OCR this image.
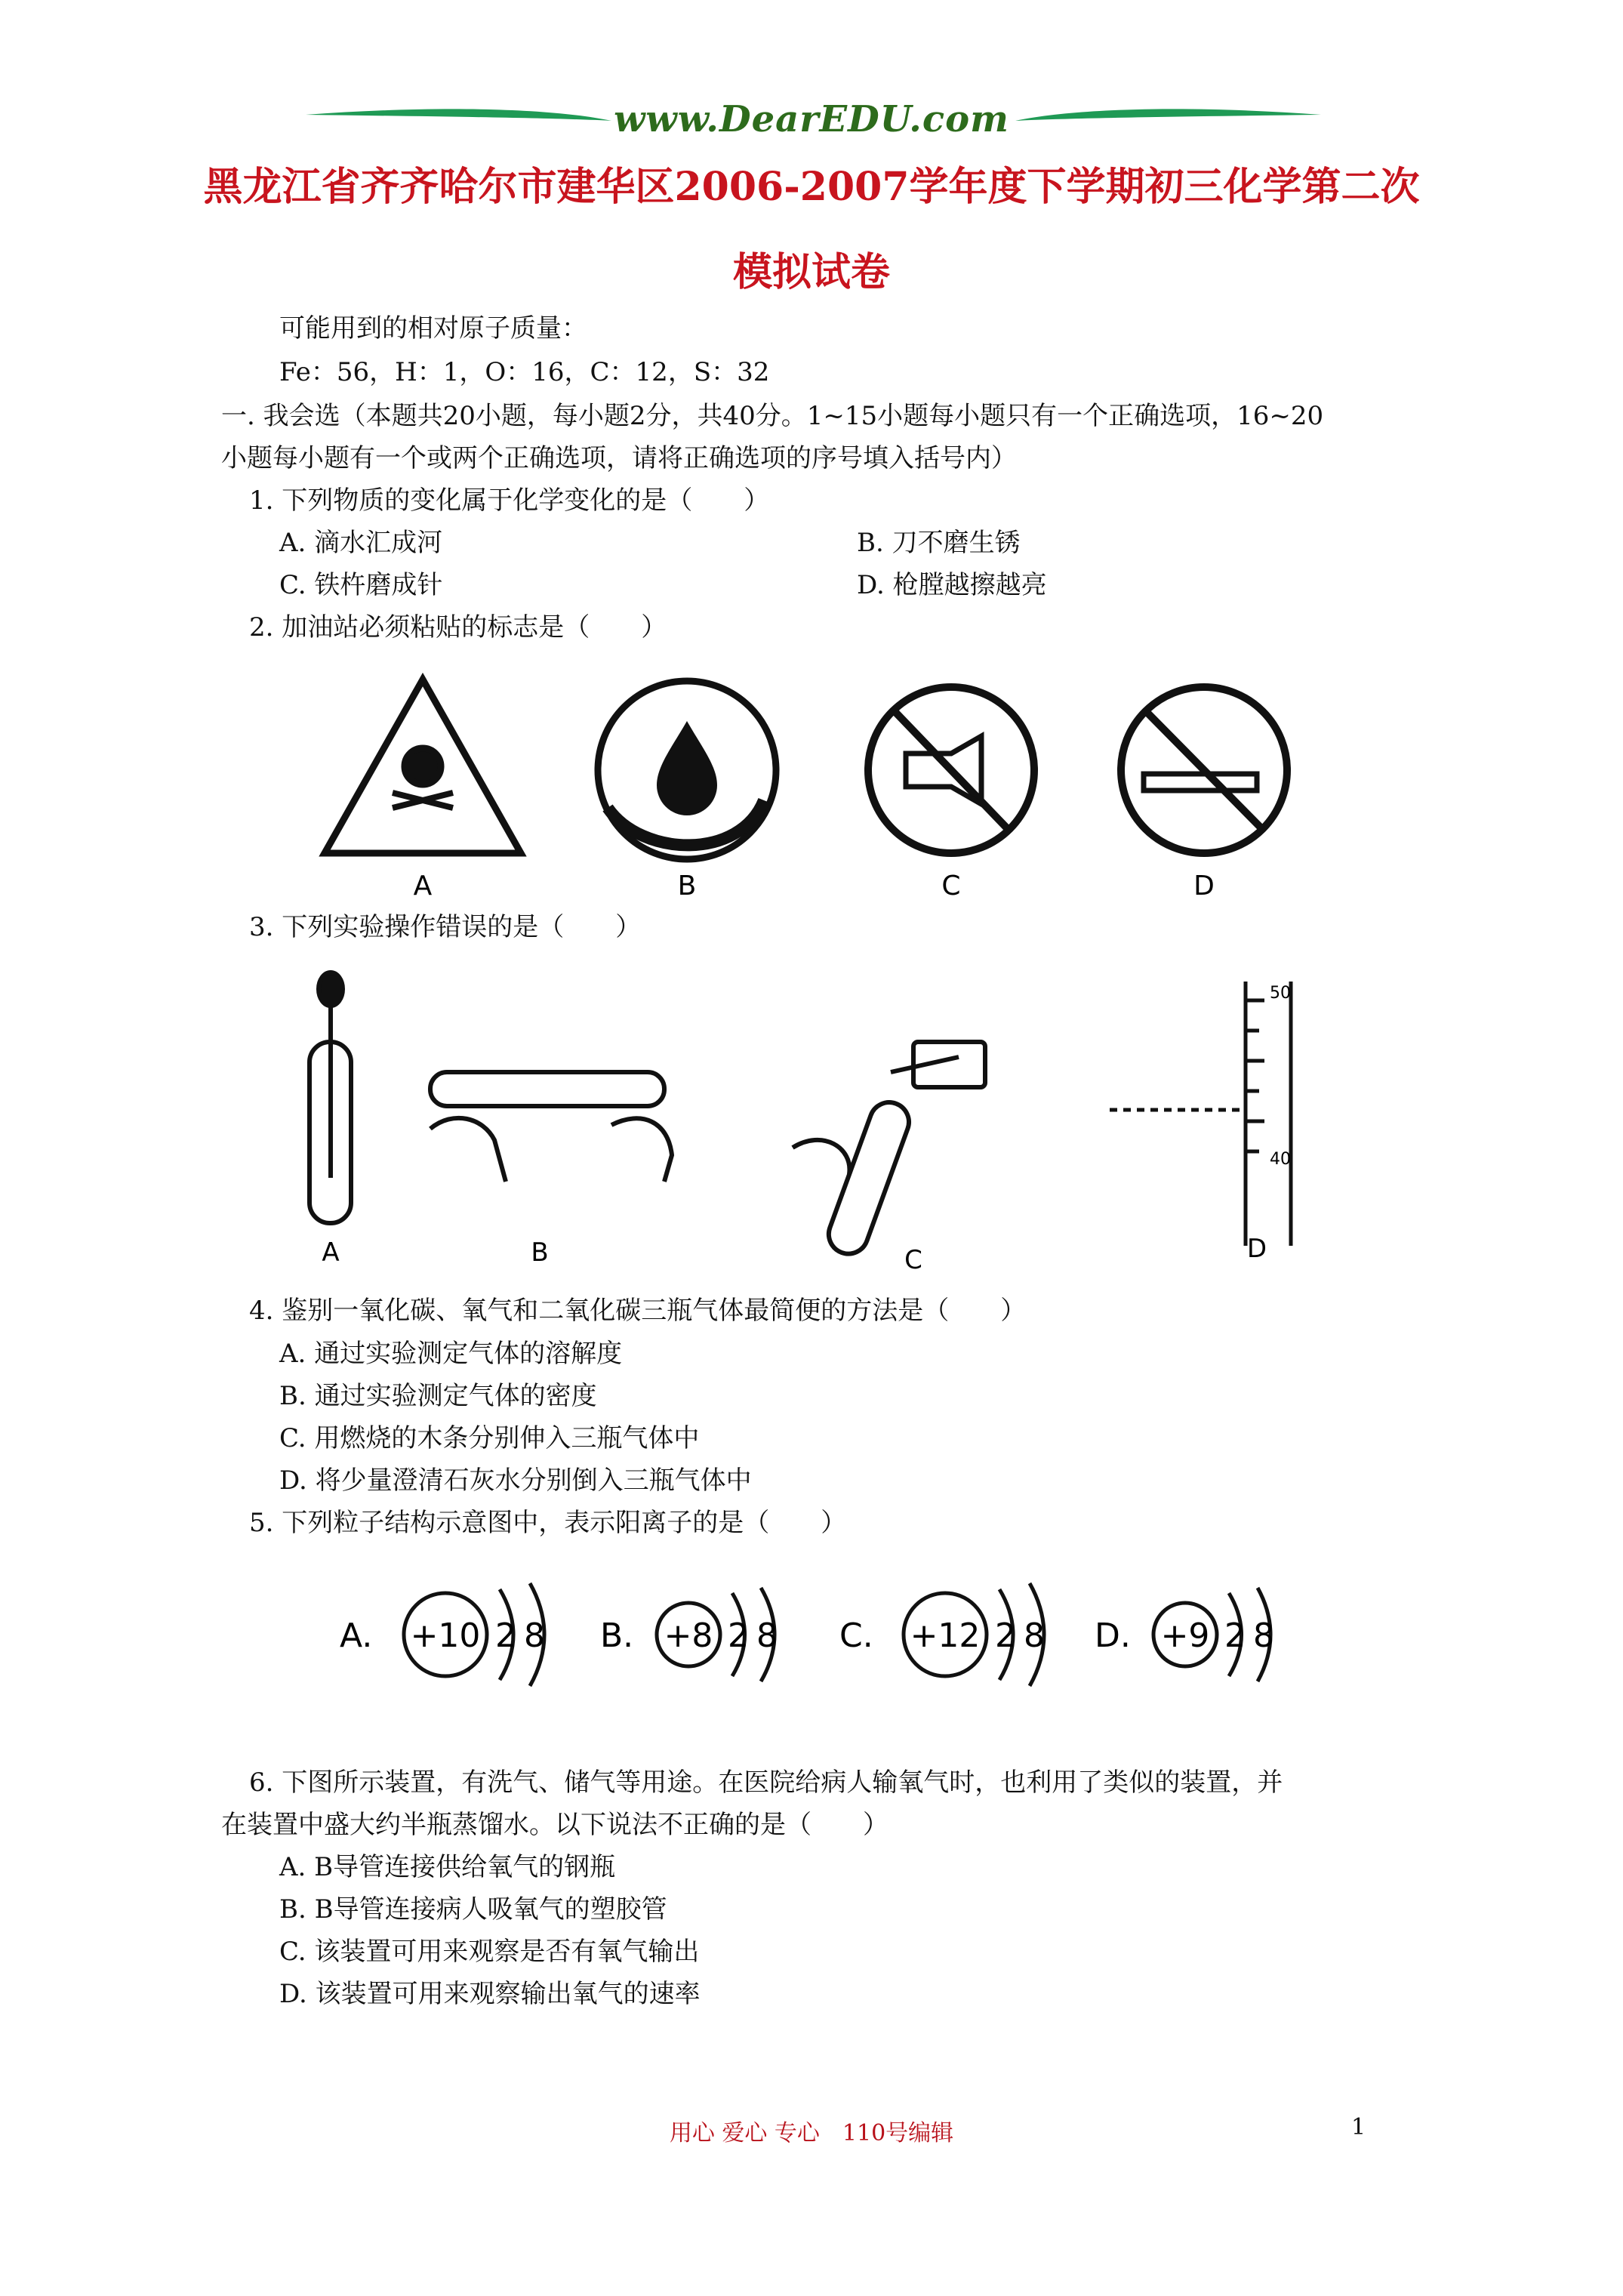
www.DearEDU.com
黑龙江省齐齐哈尔市建华区2006-2007学年度下学期初三化学第二次
模拟试卷
可能用到的相对原子质量：
Fe：56，H：1，O：16，C：12，S：32
一. 我会选（本题共20小题，每小题2分，共40分。1~15小题每小题只有一个正确选项，16~20
小题每小题有一个或两个正确选项，请将正确选项的序号填入括号内）
1. 下列物质的变化属于化学变化的是（　　）
A. 滴水汇成河	B. 刀不磨生锈
C. 铁杵磨成针	D. 枪膛越擦越亮
2. 加油站必须粘贴的标志是（　　）
A	B	C	D
3. 下列实验操作错误的是（　　）
50
40
A	B	C	D
4. 鉴别一氧化碳、氧气和二氧化碳三瓶气体最简便的方法是（　　）
A. 通过实验测定气体的溶解度
B. 通过实验测定气体的密度
C. 用燃烧的木条分别伸入三瓶气体中
D. 将少量澄清石灰水分别倒入三瓶气体中
5. 下列粒子结构示意图中，表示阳离子的是（　　）
A. +10 2 8 B. +8 2 8 C. +12 2 8 D. +9 2 8
6. 下图所示装置，有洗气、储气等用途。在医院给病人输氧气时，也利用了类似的装置，并
在装置中盛大约半瓶蒸馏水。以下说法不正确的是（　　）
A. B导管连接供给氧气的钢瓶
B. B导管连接病人吸氧气的塑胶管
C. 该装置可用来观察是否有氧气输出
D. 该装置可用来观察输出氧气的速率
用心 爱心 专心　110号编辑	1
